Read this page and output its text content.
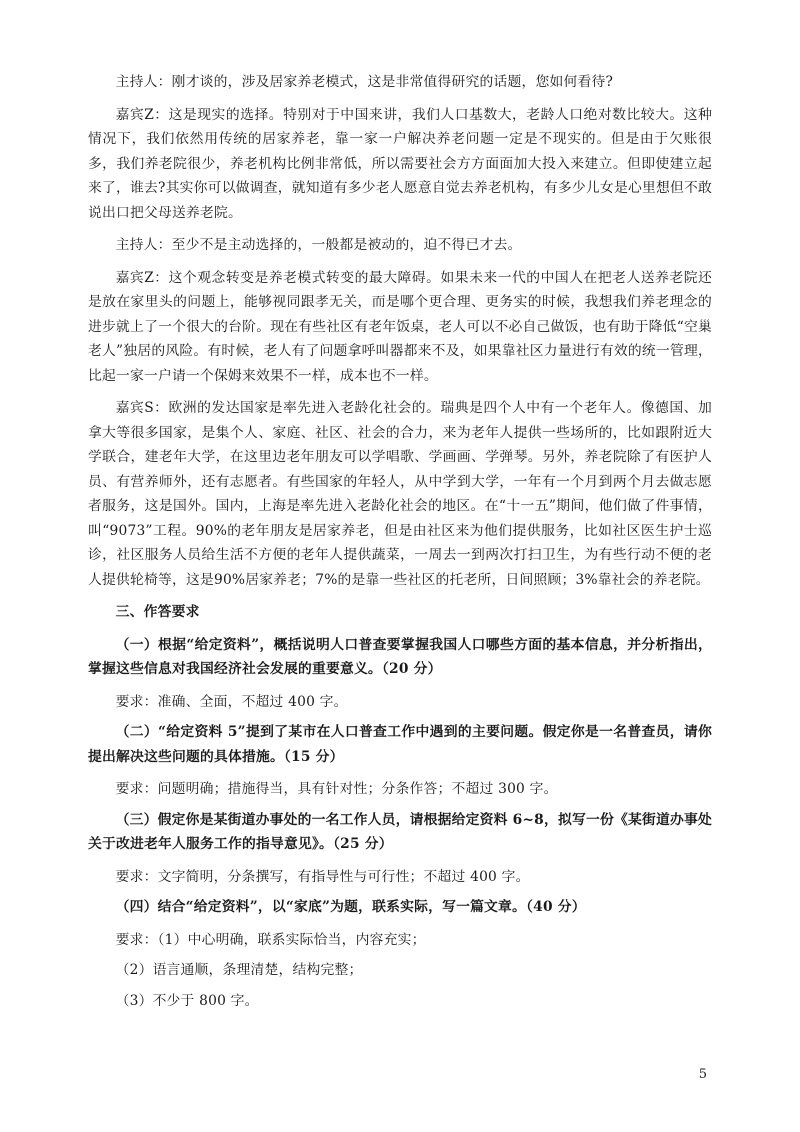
主持人：刚才谈的，涉及居家养老模式，这是非常值得研究的话题，您如何看待?

嘉宾Z：这是现实的选择。特别对于中国来讲，我们人口基数大，老龄人口绝对数比较大。这种情况下，我们依然用传统的居家养老，靠一家一户解决养老问题一定是不现实的。但是由于欠账很多，我们养老院很少，养老机构比例非常低，所以需要社会方方面面加大投入来建立。但即使建立起来了，谁去?其实你可以做调查，就知道有多少老人愿意自觉去养老机构，有多少儿女是心里想但不敢说出口把父母送养老院。

主持人：至少不是主动选择的，一般都是被动的，迫不得已才去。

嘉宾Z：这个观念转变是养老模式转变的最大障碍。如果未来一代的中国人在把老人送养老院还是放在家里头的问题上，能够视同跟孝无关，而是哪个更合理、更务实的时候，我想我们养老理念的进步就上了一个很大的台阶。现在有些社区有老年饭桌，老人可以不必自己做饭，也有助于降低“空巢老人”独居的风险。有时候，老人有了问题拿呼叫器都来不及，如果靠社区力量进行有效的统一管理，比起一家一户请一个保姆来效果不一样，成本也不一样。

嘉宾S：欧洲的发达国家是率先进入老龄化社会的。瑞典是四个人中有一个老年人。像德国、加拿大等很多国家，是集个人、家庭、社区、社会的合力，来为老年人提供一些场所的，比如跟附近大学联合，建老年大学，在这里边老年朋友可以学唱歌、学画画、学弹琴。另外，养老院除了有医护人员、有营养师外，还有志愿者。有些国家的年轻人，从中学到大学，一年有一个月到两个月去做志愿者服务，这是国外。国内，上海是率先进入老龄化社会的地区。在“十一五”期间，他们做了件事情，叫“9073”工程。90%的老年朋友是居家养老，但是由社区来为他们提供服务，比如社区医生护士巡诊，社区服务人员给生活不方便的老年人提供蔬菜，一周去一到两次打扫卫生，为有些行动不便的老人提供轮椅等，这是90%居家养老；7%的是靠一些社区的托老所，日间照顾；3%靠社会的养老院。

三、作答要求

（一）根据“给定资料”，概括说明人口普查要掌握我国人口哪些方面的基本信息，并分析指出，掌握这些信息对我国经济社会发展的重要意义。（20 分）

要求：准确、全面，不超过 400 字。

（二）“给定资料 5”提到了某市在人口普查工作中遇到的主要问题。假定你是一名普查员，请你提出解决这些问题的具体措施。（15 分）

要求：问题明确；措施得当，具有针对性；分条作答；不超过 300 字。

（三）假定你是某街道办事处的一名工作人员，请根据给定资料 6~8，拟写一份《某街道办事处关于改进老年人服务工作的指导意见》。（25 分）

要求：文字简明，分条撰写，有指导性与可行性；不超过 400 字。

（四）结合“给定资料”，以“家底”为题，联系实际，写一篇文章。（40 分）

要求：（1）中心明确，联系实际恰当，内容充实；

（2）语言通顺，条理清楚，结构完整；

（3）不少于 800 字。

5
